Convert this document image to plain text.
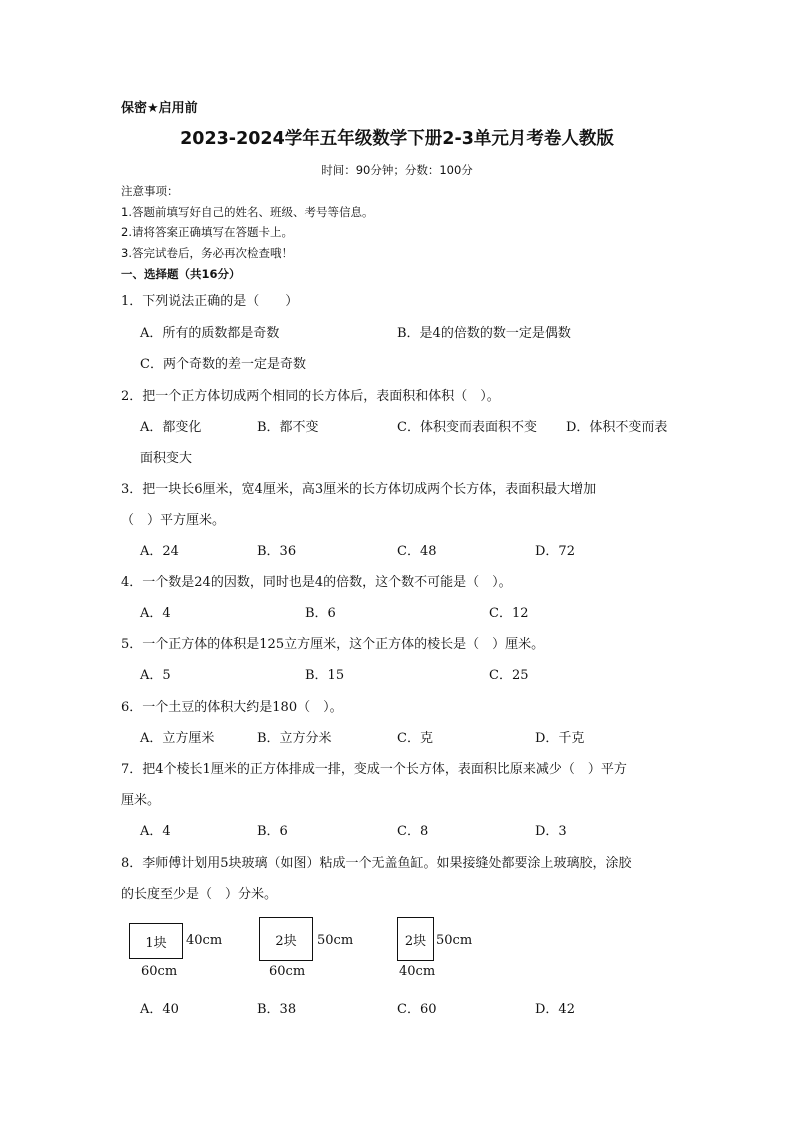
保密★启用前
2023-2024学年五年级数学下册2-3单元月考卷人教版
时间：90分钟；分数：100分
注意事项：
1.答题前填写好自己的姓名、班级、考号等信息。
2.请将答案正确填写在答题卡上。
3.答完试卷后，务必再次检查哦！
一、选择题（共16分）
1．下列说法正确的是（　　）
A．所有的质数都是奇数	B．是4的倍数的数一定是偶数
C．两个奇数的差一定是奇数
2．把一个正方体切成两个相同的长方体后，表面积和体积（　）。
A．都变化	B．都不变	C．体积变而表面积不变 D．体积不变而表
面积变大
3．把一块长6厘米，宽4厘米，高3厘米的长方体切成两个长方体，表面积最大增加
（　）平方厘米。
A．24	B．36	C．48	D．72
4．一个数是24的因数，同时也是4的倍数，这个数不可能是（　）。
A．4	B．6	C．12
5．一个正方体的体积是125立方厘米，这个正方体的棱长是（　）厘米。
A．5	B．15	C．25
6．一个土豆的体积大约是180（　）。
A．立方厘米	B．立方分米	C．克	D．千克
7．把4个棱长1厘米的正方体排成一排，变成一个长方体，表面积比原来减少（　）平方
厘米。
A．4	B．6	C．8	D．3
8．李师傅计划用5块玻璃（如图）粘成一个无盖鱼缸。如果接缝处都要涂上玻璃胶，涂胶
的长度至少是（　）分米。
1块 40cm
60cm
2块 50cm
60cm
2块 50cm
40cm
A．40	B．38	C．60	D．42
